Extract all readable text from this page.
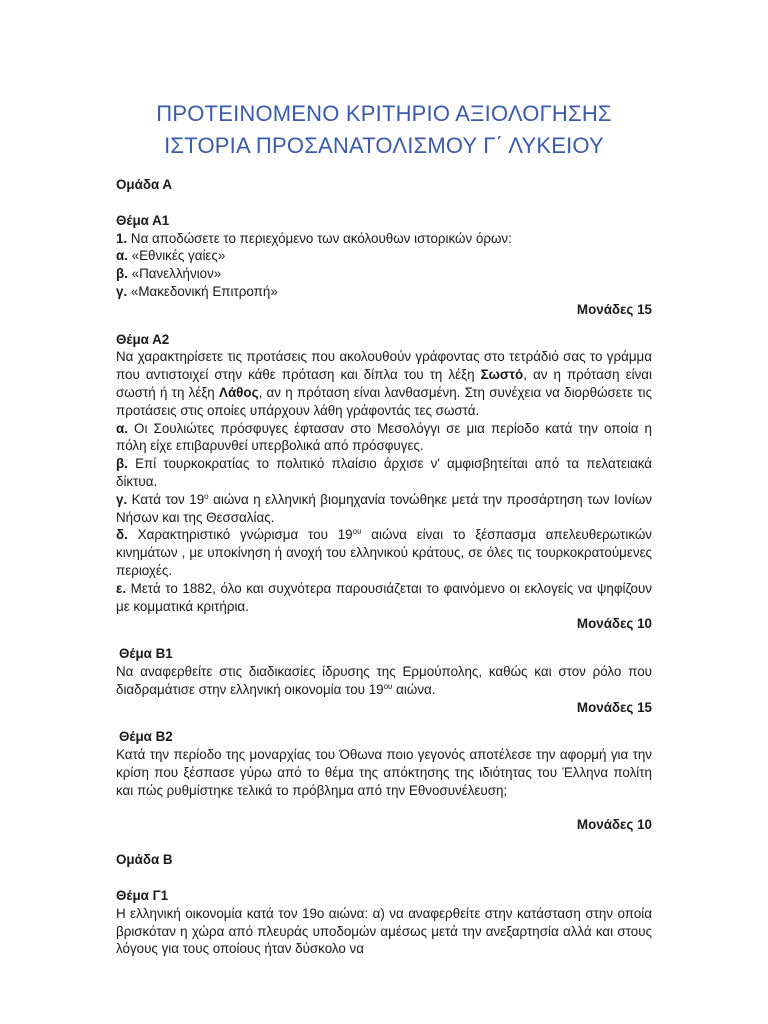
ΠΡΟΤΕΙΝΟΜΕΝΟ ΚΡΙΤΗΡΙΟ ΑΞΙΟΛΟΓΗΣΗΣ
ΙΣΤΟΡΙΑ ΠΡΟΣΑΝΑΤΟΛΙΣΜΟΥ Γ΄ ΛΥΚΕΙΟΥ

Ομάδα Α

Θέμα Α1

1. Να αποδώσετε το περιεχόμενο των ακόλουθων ιστορικών όρων:

α. «Εθνικές γαίες»

β. «Πανελλήνιον»

γ. «Μακεδονική Επιτροπή»

Μονάδες 15

Θέμα Α2

Να χαρακτηρίσετε τις προτάσεις που ακολουθούν γράφοντας στο τετράδιό σας το γράμμα που αντιστοιχεί στην κάθε πρόταση και δίπλα του τη λέξη Σωστό, αν η πρόταση είναι σωστή ή τη λέξη Λάθος, αν η πρόταση είναι λανθασμένη. Στη συνέχεια να διορθώσετε τις προτάσεις στις οποίες υπάρχουν λάθη γράφοντάς τες σωστά.

α. Οι Σουλιώτες πρόσφυγες έφτασαν στο Μεσολόγγι σε μια περίοδο κατά την οποία η πόλη είχε επιβαρυνθεί υπερβολικά από πρόσφυγες.

β. Επί τουρκοκρατίας το πολιτικό πλαίσιο άρχισε ν' αμφισβητείται από τα πελατειακά δίκτυα.

γ. Κατά τον $19^o$ αιώνα η ελληνική βιομηχανία τονώθηκε μετά την προσάρτηση των Ιονίων Νήσων και της Θεσσαλίας.

δ. Χαρακτηριστικό γνώρισμα του $19^{o\upsilon}$ αιώνα είναι το ξέσπασμα απελευθερωτικών κινημάτων , με υποκίνηση ή ανοχή του ελληνικού κράτους, σε όλες τις τουρκοκρατούμενες περιοχές.

ε. Μετά το 1882, όλο και συχνότερα παρουσιάζεται το φαινόμενο οι εκλογείς να ψηφίζουν με κομματικά κριτήρια.

Μονάδες 10

Θέμα Β1

Να αναφερθείτε στις διαδικασίες ίδρυσης της Ερμούπολης, καθώς και στον ρόλο που διαδραμάτισε στην ελληνική οικονομία του $19^{o\upsilon}$ αιώνα.

Μονάδες 15

Θέμα Β2

Κατά την περίοδο της μοναρχίας του Όθωνα ποιο γεγονός αποτέλεσε την αφορμή για την κρίση που ξέσπασε γύρω από το θέμα της απόκτησης της ιδιότητας του Έλληνα πολίτη και πώς ρυθμίστηκε τελικά το πρόβλημα από την Εθνοσυνέλευση;

Μονάδες 10

Ομάδα Β

Θέμα Γ1

Η ελληνική οικονομία κατά τον 19ο αιώνα: α) να αναφερθείτε στην κατάσταση στην οποία βρισκόταν η χώρα από πλευράς υποδομών αμέσως μετά την ανεξαρτησία αλλά και στους λόγους για τους οποίους ήταν δύσκολο να
